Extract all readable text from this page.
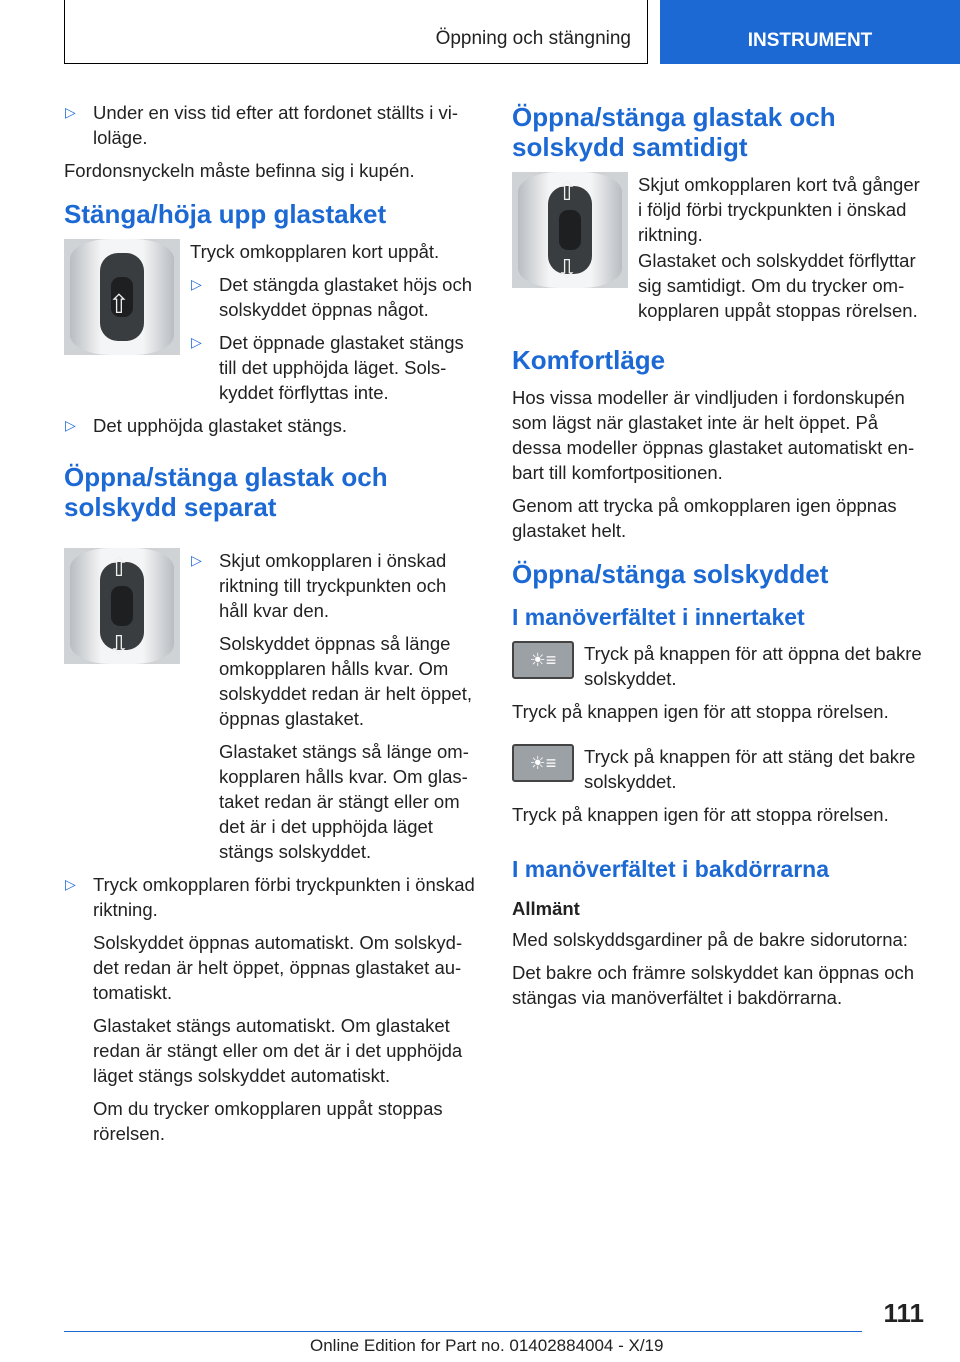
Öppning och stängning	INSTRUMENT
▷ Under en viss tid efter att fordonet ställts i viloläge.

Fordonsnyckeln måste befinna sig i kupén.

Stänga/höja upp glastaket
⇧

Tryck omkopplaren kort uppåt.

▷ Det stängda glastaket höjs och solskyddet öppnas något.
▷ Det öppnade glastaket stängs till det upphöjda läget. Solskyddet förflyttas inte.
▷ Det upphöjda glastaket stängs.
Öppna/stänga glastak och solskydd separat
⇧
⇩
▷ Skjut omkopplaren i önskad riktning till tryckpunkten och håll kvar den.

Solskyddet öppnas så länge omkopplaren hålls kvar. Om solskyddet redan är helt öppet, öppnas glastaket.

Glastaket stängs så länge omkopplaren hålls kvar. Om glastaket redan är stängt eller om det är i det upphöjda läget stängs solskyddet.

▷ Tryck omkopplaren förbi tryckpunkten i önskad riktning.

Solskyddet öppnas automatiskt. Om solskyddet redan är helt öppet, öppnas glastaket automatiskt.

Glastaket stängs automatiskt. Om glastaket redan är stängt eller om det är i det upphöjda läget stängs solskyddet automatiskt.

Om du trycker omkopplaren uppåt stoppas rörelsen.

Öppna/stänga glastak och solskydd samtidigt
⇧
⇩

Skjut omkopplaren kort två gånger i följd förbi tryckpunkten i önskad riktning.

Glastaket och solskyddet förflyttar sig samtidigt. Om du trycker omkopplaren uppåt stoppas rörelsen.

Komfortläge

Hos vissa modeller är vindljuden i fordonskupén som lägst när glastaket inte är helt öppet. På dessa modeller öppnas glastaket automatiskt enbart till komfortpositionen.

Genom att trycka på omkopplaren igen öppnas glastaket helt.

Öppna/stänga solskyddet
I manöverfältet i innertaket
☀≡	Tryck på knappen för att öppna det bakre solskyddet.

Tryck på knappen igen för att stoppa rörelsen.

☀≡	Tryck på knappen för att stäng det bakre solskyddet.

Tryck på knappen igen för att stoppa rörelsen.

I manöverfältet i bakdörrarna
Allmänt

Med solskyddsgardiner på de bakre sidorutorna:

Det bakre och främre solskyddet kan öppnas och stängas via manöverfältet i bakdörrarna.

111
Online Edition for Part no. 01402884004 - X/19
